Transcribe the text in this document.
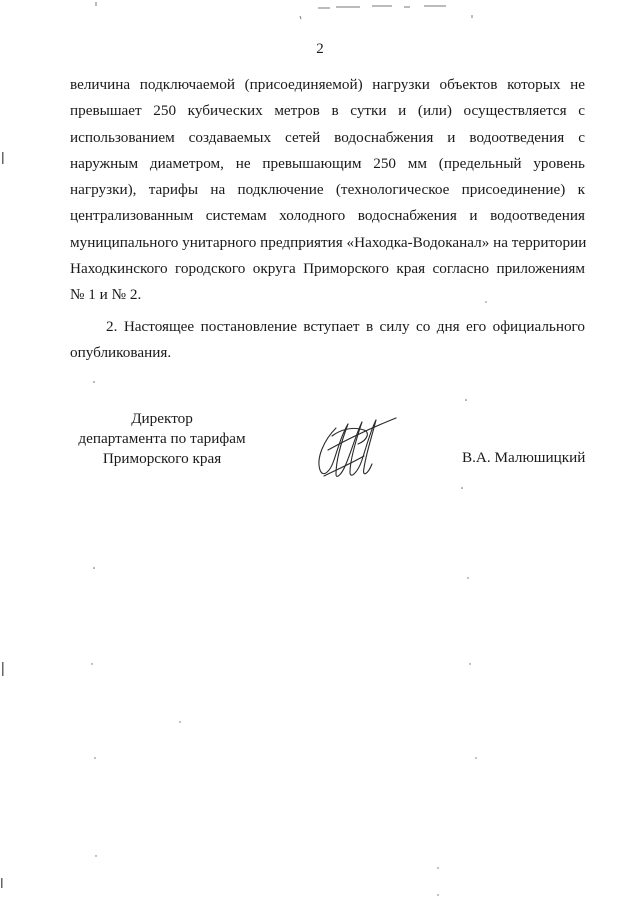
2
величина подключаемой (присоединяемой) нагрузки объектов которых не
превышает 250 кубических метров в сутки и (или) осуществляется с
использованием создаваемых сетей водоснабжения и водоотведения с
наружным диаметром, не превышающим 250 мм (предельный уровень
нагрузки), тарифы на подключение (технологическое присоединение) к
централизованным системам холодного водоснабжения и водоотведения
муниципального унитарного предприятия «Находка-Водоканал» на территории
Находкинского городского округа Приморского края согласно приложениям
№ 1 и № 2.
2. Настоящее постановление вступает в силу со дня его официального
опубликования.
Директор
департамента по тарифам
Приморского края	В.А. Малюшицкий
